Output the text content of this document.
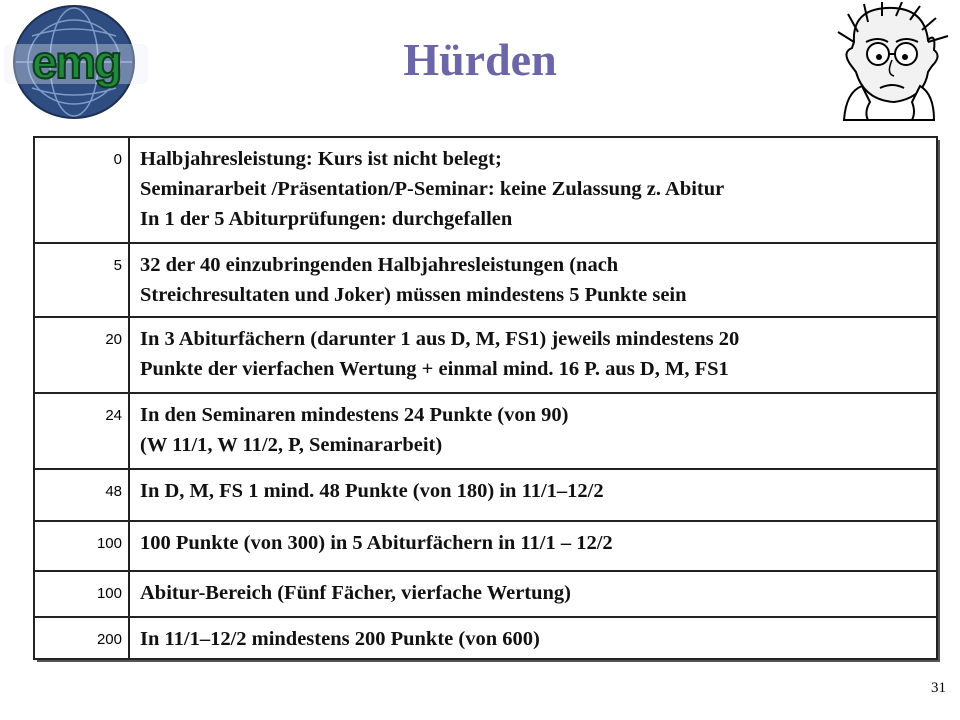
emg	Hürden
0	Halbjahresleistung: Kurs ist nicht belegt;
Seminararbeit /Präsentation/P-Seminar: keine Zulassung z. Abitur
In 1 der 5 Abiturprüfungen: durchgefallen

5	32 der 40 einzubringenden Halbjahresleistungen (nach
Streichresultaten und Joker) müssen mindestens 5 Punkte sein

20	In 3 Abiturfächern (darunter 1 aus D, M, FS1) jeweils mindestens 20
Punkte der vierfachen Wertung + einmal mind. 16 P. aus D, M, FS1

24	In den Seminaren mindestens 24 Punkte (von 90)
(W 11/1, W 11/2, P, Seminararbeit)

48	In D, M, FS 1 mind. 48 Punkte (von 180) in 11/1–12/2

100	100 Punkte (von 300) in 5 Abiturfächern in 11/1 – 12/2

100	Abitur-Bereich (Fünf Fächer, vierfache Wertung)

200	In 11/1–12/2 mindestens 200 Punkte (von 600)
31
